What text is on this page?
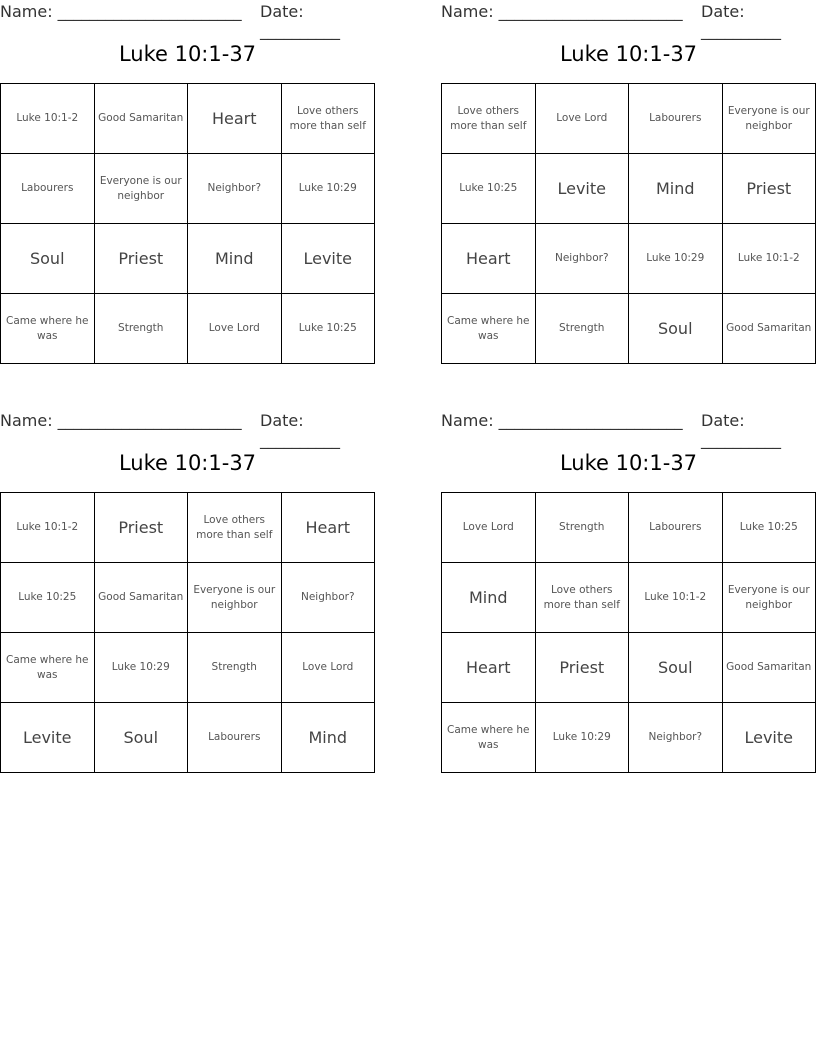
Name: _______________________ Date: __________
Luke 10:1-37
Luke 10:1-2	Good Samaritan	Heart	Love others more than self
Labourers	Everyone is our neighbor	Neighbor?	Luke 10:29
Soul	Priest	Mind	Levite
Came where he was	Strength	Love Lord	Luke 10:25
Name: _______________________ Date: __________
Luke 10:1-37
Love others more than self	Love Lord	Labourers	Everyone is our neighbor
Luke 10:25	Levite	Mind	Priest
Heart	Neighbor?	Luke 10:29	Luke 10:1-2
Came where he was	Strength	Soul	Good Samaritan
Name: _______________________ Date: __________
Luke 10:1-37
Luke 10:1-2	Priest	Love others more than self	Heart
Luke 10:25	Good Samaritan	Everyone is our neighbor	Neighbor?
Came where he was	Luke 10:29	Strength	Love Lord
Levite	Soul	Labourers	Mind
Name: _______________________ Date: __________
Luke 10:1-37
Love Lord	Strength	Labourers	Luke 10:25
Mind	Love others more than self	Luke 10:1-2	Everyone is our neighbor
Heart	Priest	Soul	Good Samaritan
Came where he was	Luke 10:29	Neighbor?	Levite
